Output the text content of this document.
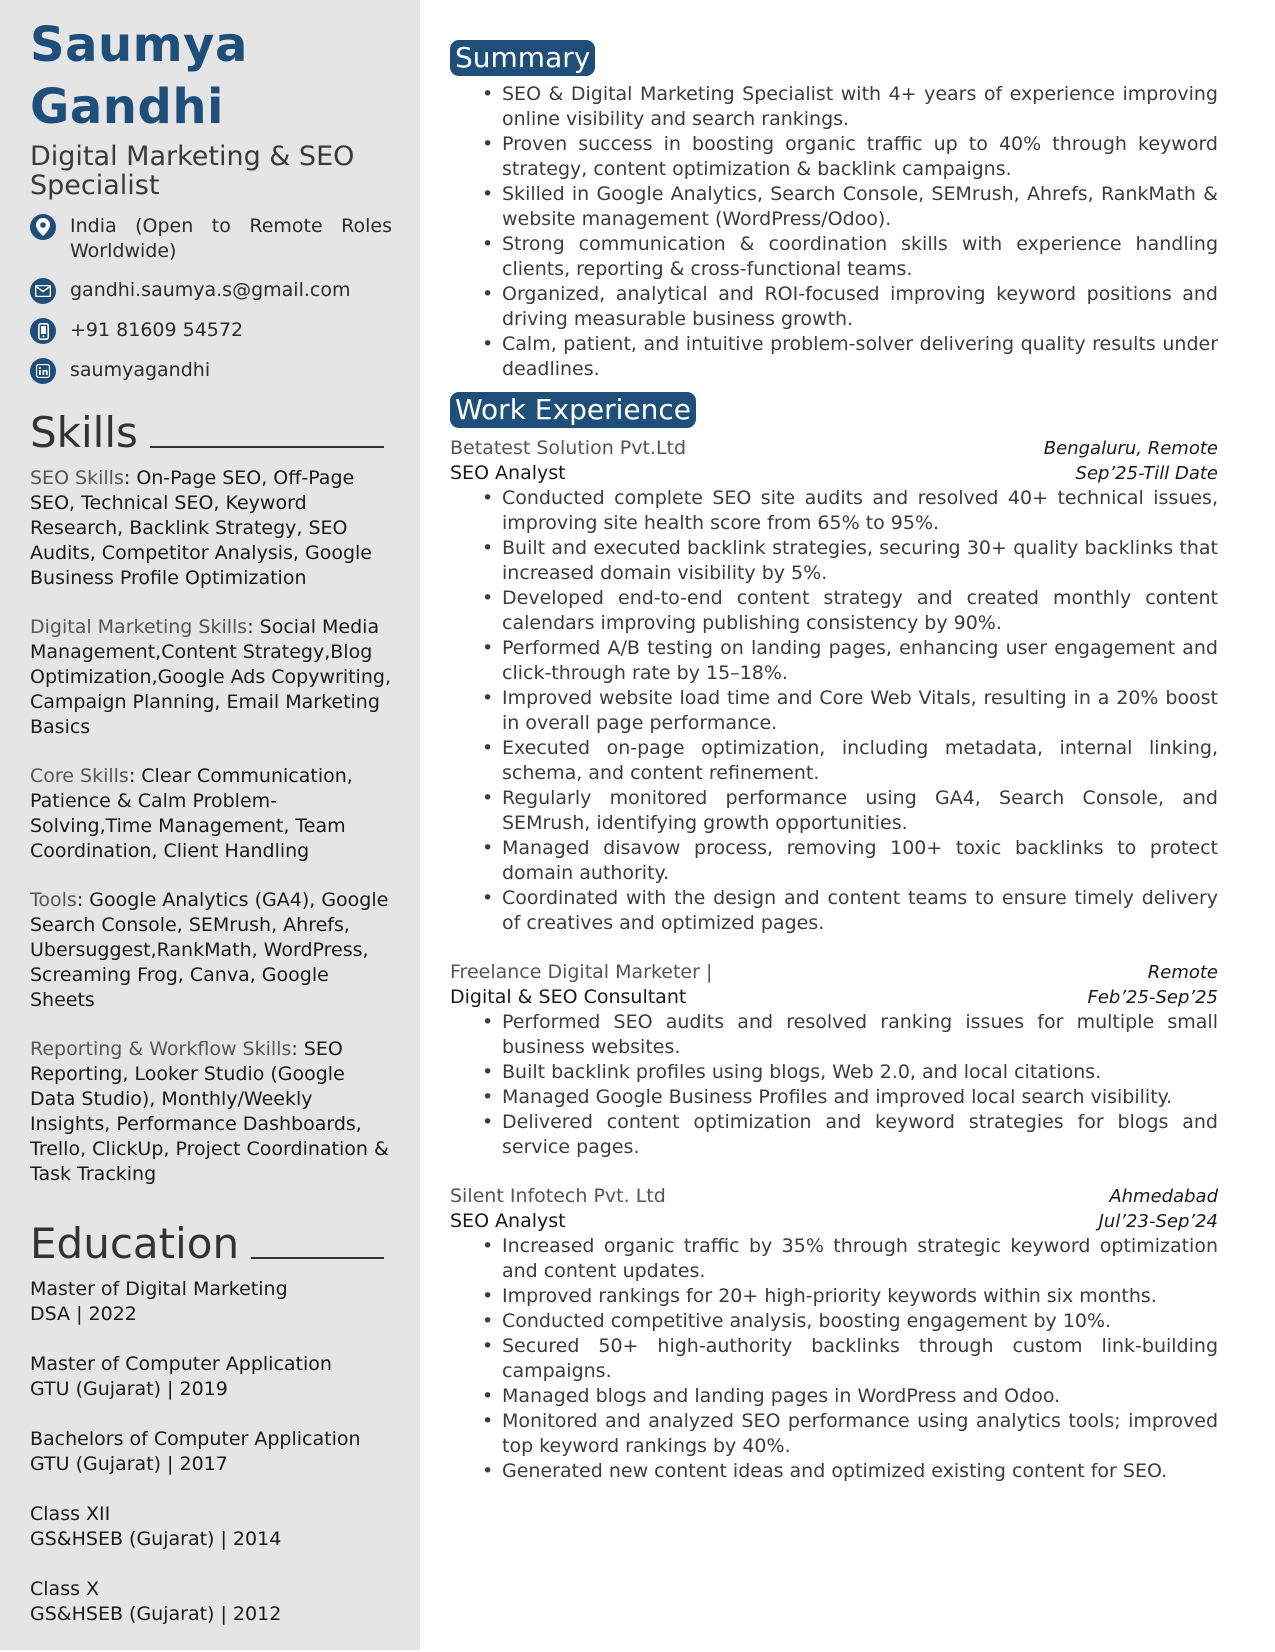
Saumya Gandhi
Digital Marketing & SEO Specialist
India (Open to Remote Roles Worldwide)
gandhi.saumya.s@gmail.com
+91 81609 54572
saumyagandhi
Skills

SEO Skills: On-Page SEO, Off-Page SEO, Technical SEO, Keyword Research, Backlink Strategy, SEO Audits, Competitor Analysis, Google Business Profile Optimization

Digital Marketing Skills: Social Media Management,Content Strategy,Blog Optimization,Google Ads Copywriting, Campaign Planning, Email Marketing Basics

Core Skills: Clear Communication, Patience & Calm Problem-Solving,Time Management, Team Coordination, Client Handling

Tools: Google Analytics (GA4), Google Search Console, SEMrush, Ahrefs, Ubersuggest,RankMath, WordPress, Screaming Frog, Canva, Google Sheets

Reporting & Workflow Skills: SEO Reporting, Looker Studio (Google Data Studio), Monthly/Weekly Insights, Performance Dashboards, Trello, ClickUp, Project Coordination & Task Tracking

Education
Master of Digital Marketing
DSA | 2022
Master of Computer Application
GTU (Gujarat) | 2019
Bachelors of Computer Application
GTU (Gujarat) | 2017
Class XII
GS&HSEB (Gujarat) | 2014
Class X
GS&HSEB (Gujarat) | 2012
Summary
• SEO & Digital Marketing Specialist with 4+ years of experience improving online visibility and search rankings.
• Proven success in boosting organic traffic up to 40% through keyword strategy, content optimization & backlink campaigns.
• Skilled in Google Analytics, Search Console, SEMrush, Ahrefs, RankMath & website management (WordPress/Odoo).
• Strong communication & coordination skills with experience handling clients, reporting & cross-functional teams.
• Organized, analytical and ROI-focused improving keyword positions and driving measurable business growth.
• Calm, patient, and intuitive problem-solver delivering quality results under deadlines.
Work Experience
Betatest Solution Pvt.Ltd	Bengaluru, Remote
SEO Analyst	Sep’25-Till Date
• Conducted complete SEO site audits and resolved 40+ technical issues, improving site health score from 65% to 95%.
• Built and executed backlink strategies, securing 30+ quality backlinks that increased domain visibility by 5%.
• Developed end-to-end content strategy and created monthly content calendars improving publishing consistency by 90%.
• Performed A/B testing on landing pages, enhancing user engagement and click-through rate by 15–18%.
• Improved website load time and Core Web Vitals, resulting in a 20% boost in overall page performance.
• Executed on-page optimization, including metadata, internal linking, schema, and content refinement.
• Regularly monitored performance using GA4, Search Console, and SEMrush, identifying growth opportunities.
• Managed disavow process, removing 100+ toxic backlinks to protect domain authority.
• Coordinated with the design and content teams to ensure timely delivery of creatives and optimized pages.
Freelance Digital Marketer |	Remote
Digital & SEO Consultant	Feb’25-Sep’25
• Performed SEO audits and resolved ranking issues for multiple small business websites.
• Built backlink profiles using blogs, Web 2.0, and local citations.
• Managed Google Business Profiles and improved local search visibility.
• Delivered content optimization and keyword strategies for blogs and service pages.
Silent Infotech Pvt. Ltd	Ahmedabad
SEO Analyst	Jul’23-Sep’24
• Increased organic traffic by 35% through strategic keyword optimization and content updates.
• Improved rankings for 20+ high-priority keywords within six months.
• Conducted competitive analysis, boosting engagement by 10%.
• Secured 50+ high-authority backlinks through custom link-building campaigns.
• Managed blogs and landing pages in WordPress and Odoo.
• Monitored and analyzed SEO performance using analytics tools; improved top keyword rankings by 40%.
• Generated new content ideas and optimized existing content for SEO.
